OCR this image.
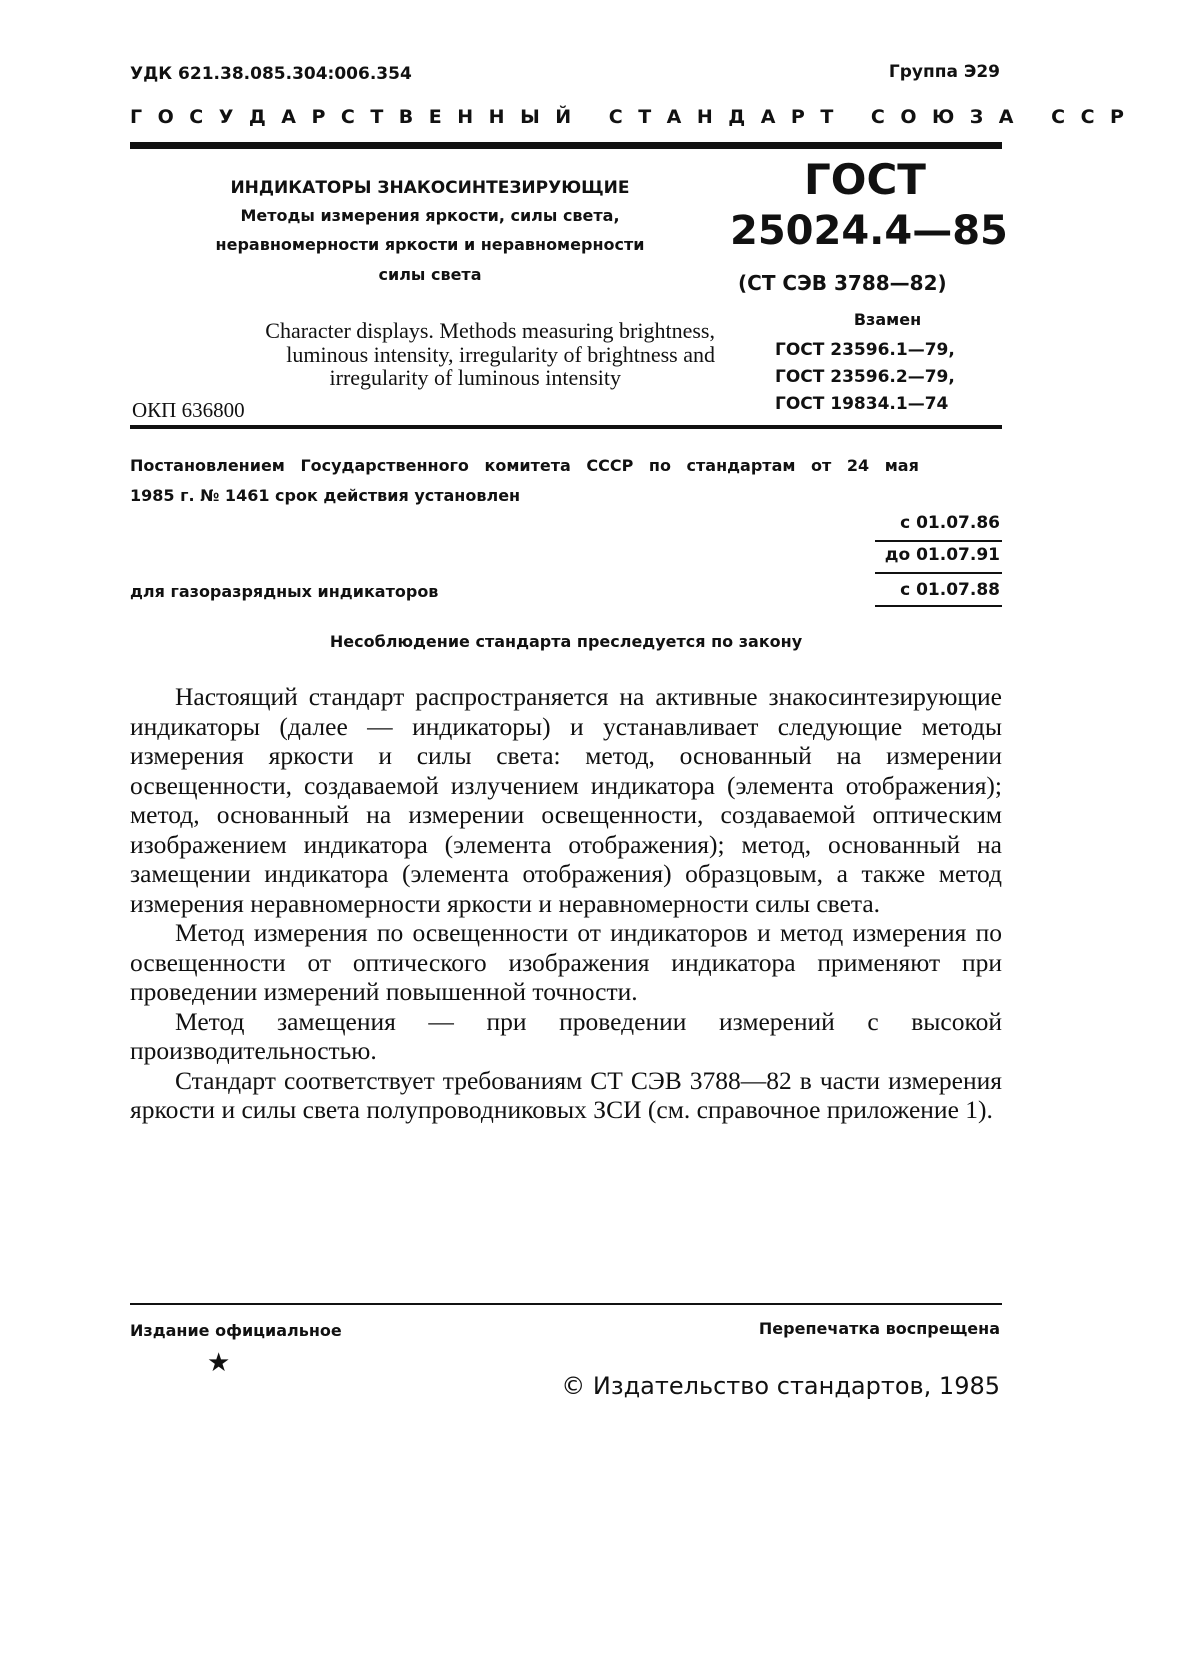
УДК 621.38.085.304:006.354	Группа Э29
ГОСУДАРСТВЕННЫЙ СТАНДАРТ СОЮЗА ССР
ИНДИКАТОРЫ ЗНАКОСИНТЕЗИРУЮЩИЕ
Методы измерения яркости, силы света,
неравномерности яркости и неравномерности
силы света
ГОСТ
25024.4—85
(СТ СЭВ 3788—82)
Character displays. Methods measuring brightness,
luminous intensity, irregularity of brightness and
irregularity of luminous intensity
ОКП 636800
Взамен
ГОСТ 23596.1—79,
ГОСТ 23596.2—79,
ГОСТ 19834.1—74
Постановлением Государственного комитета СССР по стандартам от 24 мая
1985 г. № 1461 срок действия установлен
с 01.07.86
до 01.07.91
для газоразрядных индикаторов	с 01.07.88
Несоблюдение стандарта преследуется по закону

Настоящий стандарт распространяется на активные знакосинтезирующие индикаторы (далее — индикаторы) и устанавливает следующие методы измерения яркости и силы света: метод, основанный на измерении освещенности, создаваемой излучением индикатора (элемента отображения); метод, основанный на измерении освещенности, создаваемой оптическим изображением индикатора (элемента отображения); метод, основанный на замещении индикатора (элемента отображения) образцовым, а также метод измерения неравномерности яркости и неравномерности силы света.

Метод измерения по освещенности от индикаторов и метод измерения по освещенности от оптического изображения индикатора применяют при проведении измерений повышенной точности.

Метод замещения — при проведении измерений с высокой производительностью.

Стандарт соответствует требованиям СТ СЭВ 3788—82 в части измерения яркости и силы света полупроводниковых ЗСИ (см. справочное приложение 1).

Издание официальное	Перепечатка воспрещена
★
© Издательство стандартов, 1985
